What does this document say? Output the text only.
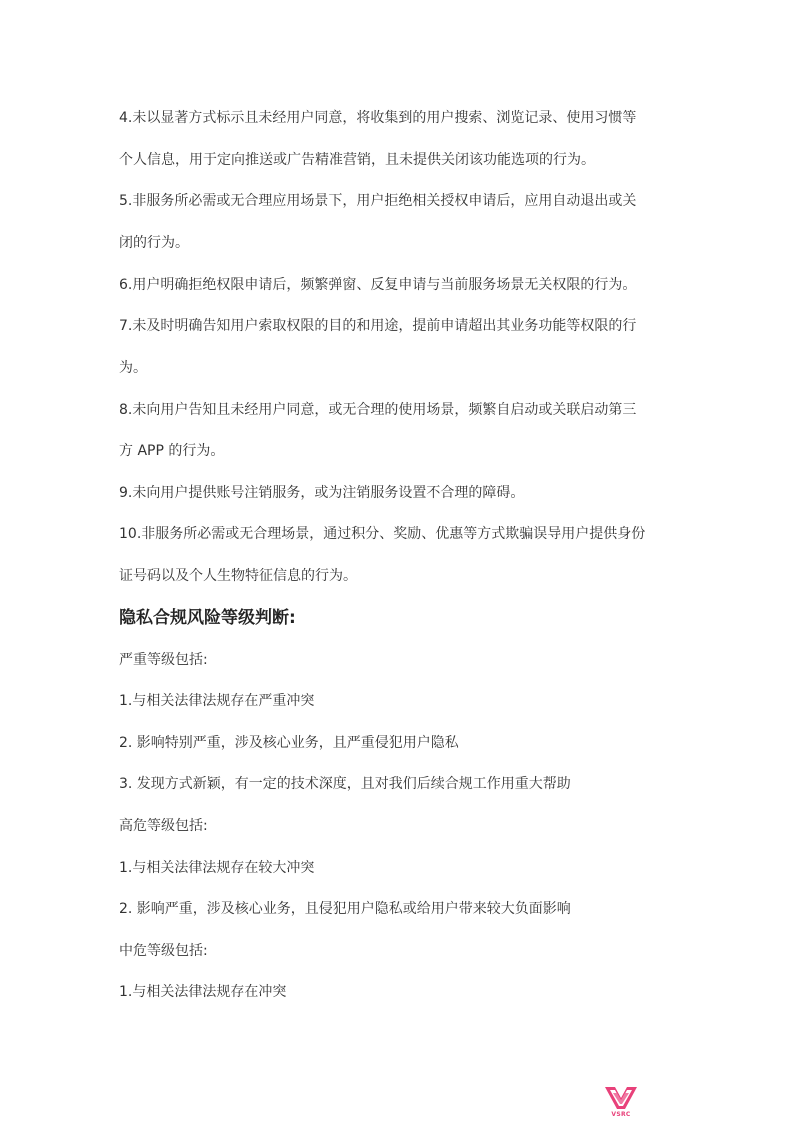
4.未以显著方式标示且未经用户同意，将收集到的用户搜索、浏览记录、使用习惯等
个人信息，用于定向推送或广告精准营销，且未提供关闭该功能选项的行为。
5.非服务所必需或无合理应用场景下，用户拒绝相关授权申请后，应用自动退出或关
闭的行为。
6.用户明确拒绝权限申请后，频繁弹窗、反复申请与当前服务场景无关权限的行为。
7.未及时明确告知用户索取权限的目的和用途，提前申请超出其业务功能等权限的行
为。
8.未向用户告知且未经用户同意，或无合理的使用场景，频繁自启动或关联启动第三
方 APP 的行为。
9.未向用户提供账号注销服务，或为注销服务设置不合理的障碍。
10.非服务所必需或无合理场景，通过积分、奖励、优惠等方式欺骗误导用户提供身份
证号码以及个人生物特征信息的行为。
隐私合规风险等级判断:
严重等级包括:
1.与相关法律法规存在严重冲突
2. 影响特别严重，涉及核心业务，且严重侵犯用户隐私
3. 发现方式新颖，有一定的技术深度，且对我们后续合规工作用重大帮助
高危等级包括:
1.与相关法律法规存在较大冲突
2. 影响严重，涉及核心业务，且侵犯用户隐私或给用户带来较大负面影响
中危等级包括:
1.与相关法律法规存在冲突
VSRC
